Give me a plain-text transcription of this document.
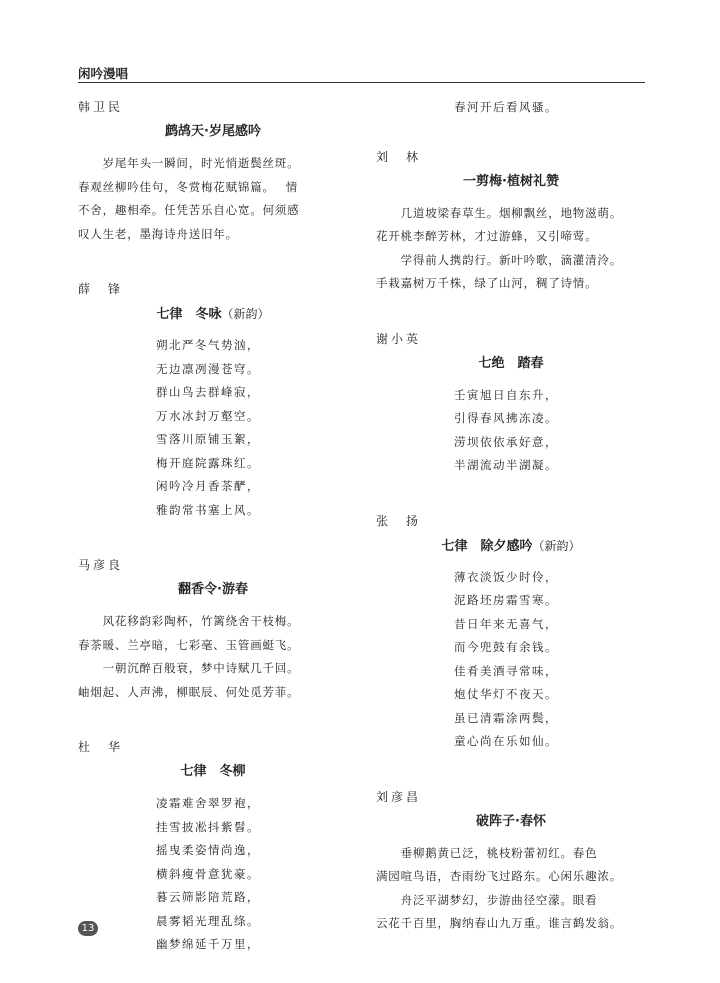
闲吟漫唱
韩卫民
鹧鸪天·岁尾感吟
　　岁尾年头一瞬间，时光悄逝鬓丝斑。
春观丝柳吟佳句，冬赏梅花赋锦篇。　 情
不舍，趣相牵。任凭苦乐自心宽。何须感
叹人生老，墨海诗舟送旧年。
薛　锋
七律　冬咏（新韵）
朔北严冬气势汹，
无边凛冽漫苍穹。
群山鸟去群峰寂，
万水冰封万壑空。
雪落川原铺玉絮，
梅开庭院露珠红。
闲吟冷月香茶酽，
雅韵常书塞上风。
马彦良
翻香令·游春
　　风花移韵彩陶杯，竹篱绕舍干枝梅。
春茶暖、兰亭暗，七彩毫、玉管画蜓飞。
　　一朝沉醉百般衰，梦中诗赋几千回。
岫烟起、人声沸，柳眠辰、何处觅芳菲。
杜　华
七律　冬柳
凌霜难舍翠罗袍，
挂雪披凇抖紫髫。
摇曳柔姿情尚逸，
横斜瘦骨意犹豪。
暮云筛影陪荒路，
晨雾韬光理乱绦。
幽梦绵延千万里，
春河开后看风骚。
刘　林
一剪梅·植树礼赞
　　几道坡梁春草生。烟柳飘丝，地物滋萌。
花开桃李醉芳林，才过游蜂，又引啼莺。
　　学得前人携韵行。新叶吟歌，滴灌清泠。
手栽嘉树万千株，绿了山河，稠了诗情。
谢小英
七绝　踏春
壬寅旭日自东升，
引得春风拂冻凌。
涝坝依依承好意，
半湖流动半湖凝。
张　扬
七律　除夕感吟（新韵）
薄衣淡饭少时伶，
泥路坯房霜雪寒。
昔日年来无喜气，
而今兜鼓有余钱。
佳肴美酒寻常味，
炮仗华灯不夜天。
虽已清霜涂两鬓，
童心尚在乐如仙。
刘彦昌
破阵子·春怀
　　垂柳鹅黄已泛，桃枝粉蕾初红。春色
满园喧鸟语，杏雨纷飞过路东。心闲乐趣浓。
　　舟泛平湖梦幻，步游曲径空濛。眼看
云花千百里，胸纳春山九万重。谁言鹤发翁。
13
